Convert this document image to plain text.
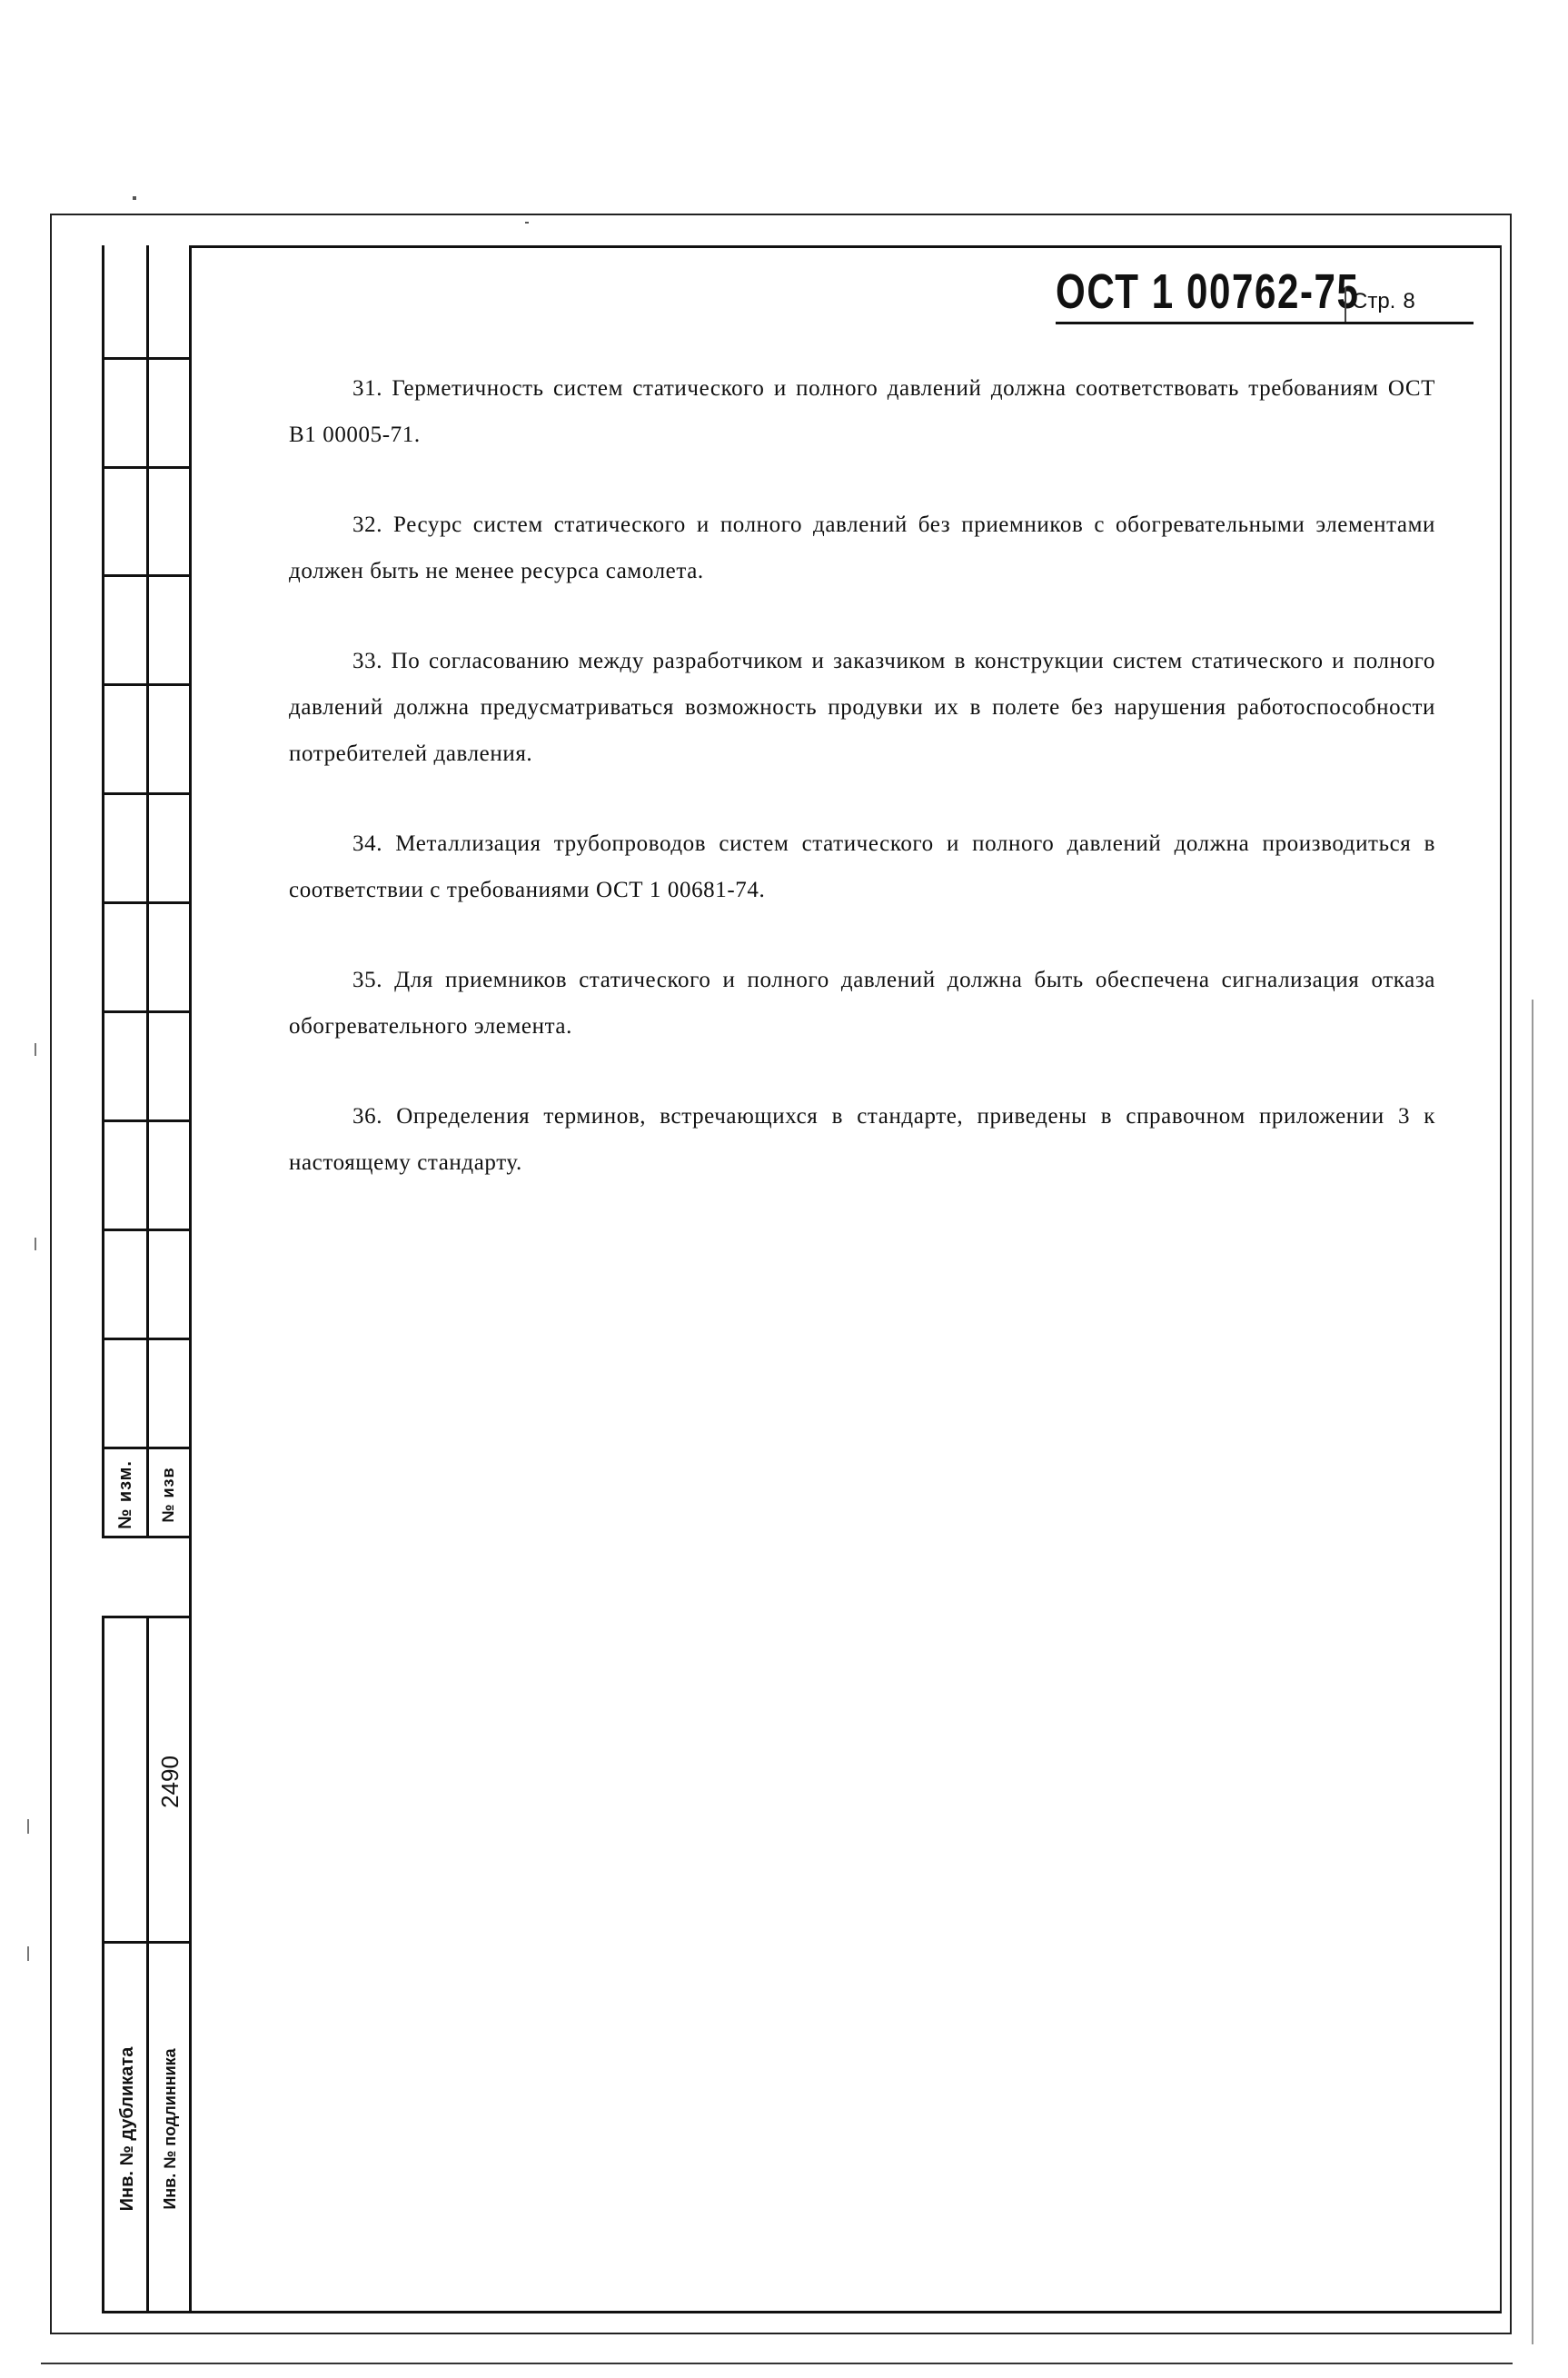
№ изм. № изв
2490
Инв. № дубликата Инв. № подлинника
ОСТ 1 00762-75
Стр. 8

31. Герметичность систем статического и полного давлений должна соответствовать требованиям ОСТ В1 00005-71.

32. Ресурс систем статического и полного давлений без приемников с обогревательными элементами должен быть не менее ресурса самолета.

33. По согласованию между разработчиком и заказчиком в конструкции систем статического и полного давлений должна предусматриваться возможность продувки их в полете без нарушения работоспособности потребителей давления.

34. Металлизация трубопроводов систем статического и полного давлений должна производиться в соответствии с требованиями ОСТ 1 00681-74.

35. Для приемников статического и полного давлений должна быть обеспечена сигнализация отказа обогревательного элемента.

36. Определения терминов, встречающихся в стандарте, приведены в справочном приложении 3 к настоящему стандарту.
